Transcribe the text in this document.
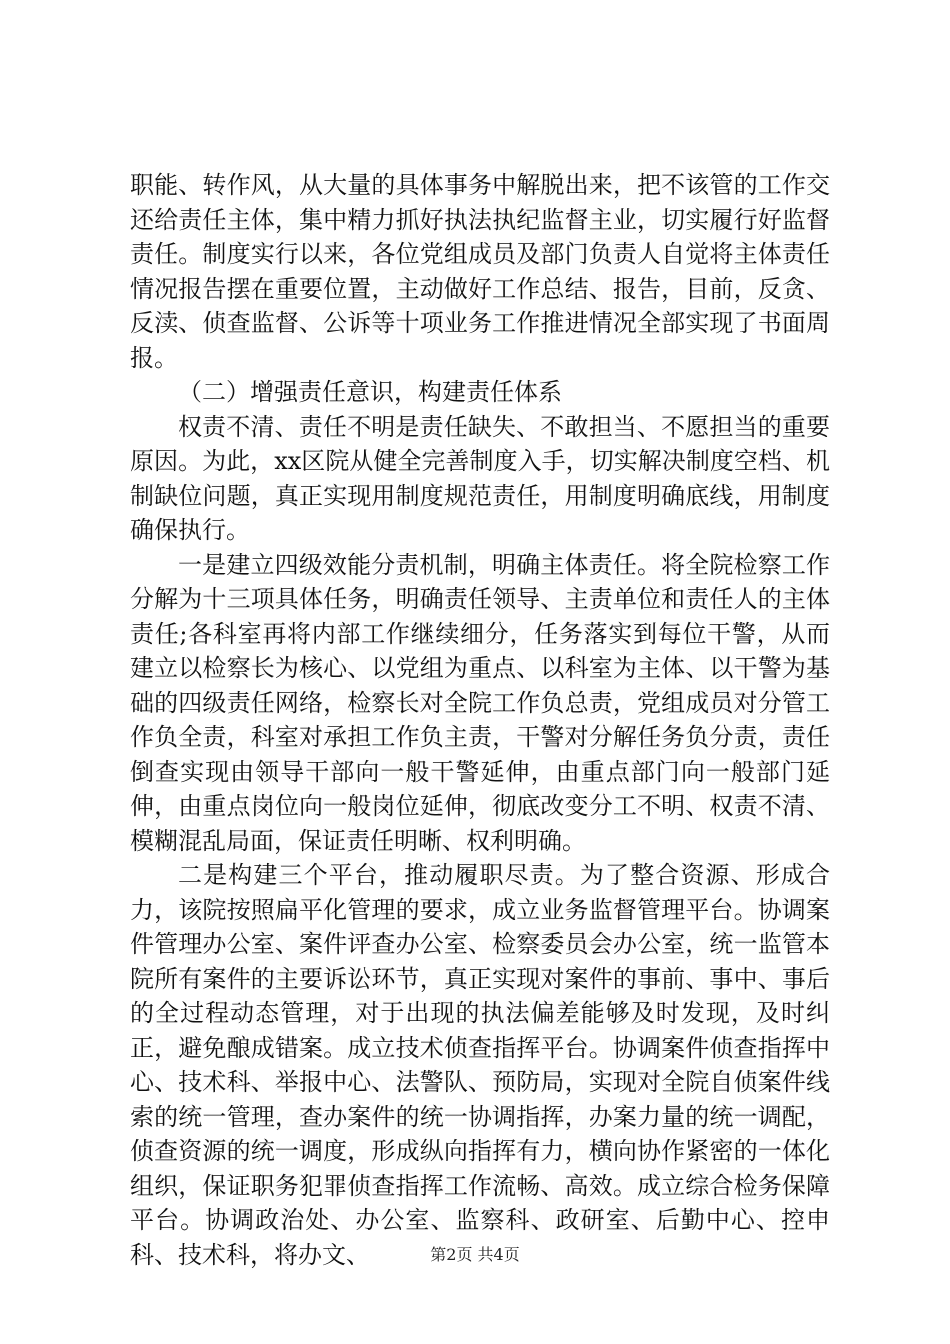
职能、转作风，从大量的具体事务中解脱出来，把不该管的工作交还给责任主体，集中精力抓好执法执纪监督主业，切实履行好监督责任。制度实行以来，各位党组成员及部门负责人自觉将主体责任情况报告摆在重要位置，主动做好工作总结、报告，目前，反贪、反渎、侦查监督、公诉等十项业务工作推进情况全部实现了书面周报。

（二）增强责任意识，构建责任体系

权责不清、责任不明是责任缺失、不敢担当、不愿担当的重要原因。为此，xx区院从健全完善制度入手，切实解决制度空档、机制缺位问题，真正实现用制度规范责任，用制度明确底线，用制度确保执行。

一是建立四级效能分责机制，明确主体责任。将全院检察工作分解为十三项具体任务，明确责任领导、主责单位和责任人的主体责任;各科室再将内部工作继续细分，任务落实到每位干警，从而建立以检察长为核心、以党组为重点、以科室为主体、以干警为基础的四级责任网络，检察长对全院工作负总责，党组成员对分管工作负全责，科室对承担工作负主责，干警对分解任务负分责，责任倒查实现由领导干部向一般干警延伸，由重点部门向一般部门延伸，由重点岗位向一般岗位延伸，彻底改变分工不明、权责不清、模糊混乱局面，保证责任明晰、权利明确。

二是构建三个平台，推动履职尽责。为了整合资源、形成合力，该院按照扁平化管理的要求，成立业务监督管理平台。协调案件管理办公室、案件评查办公室、检察委员会办公室，统一监管本院所有案件的主要诉讼环节，真正实现对案件的事前、事中、事后的全过程动态管理，对于出现的执法偏差能够及时发现，及时纠正，避免酿成错案。成立技术侦查指挥平台。协调案件侦查指挥中心、技术科、举报中心、法警队、预防局，实现对全院自侦案件线索的统一管理，查办案件的统一协调指挥，办案力量的统一调配，侦查资源的统一调度，形成纵向指挥有力，横向协作紧密的一体化组织，保证职务犯罪侦查指挥工作流畅、高效。成立综合检务保障平台。协调政治处、办公室、监察科、政研室、后勤中心、控申科、技术科，将办文、	第2页 共4页
